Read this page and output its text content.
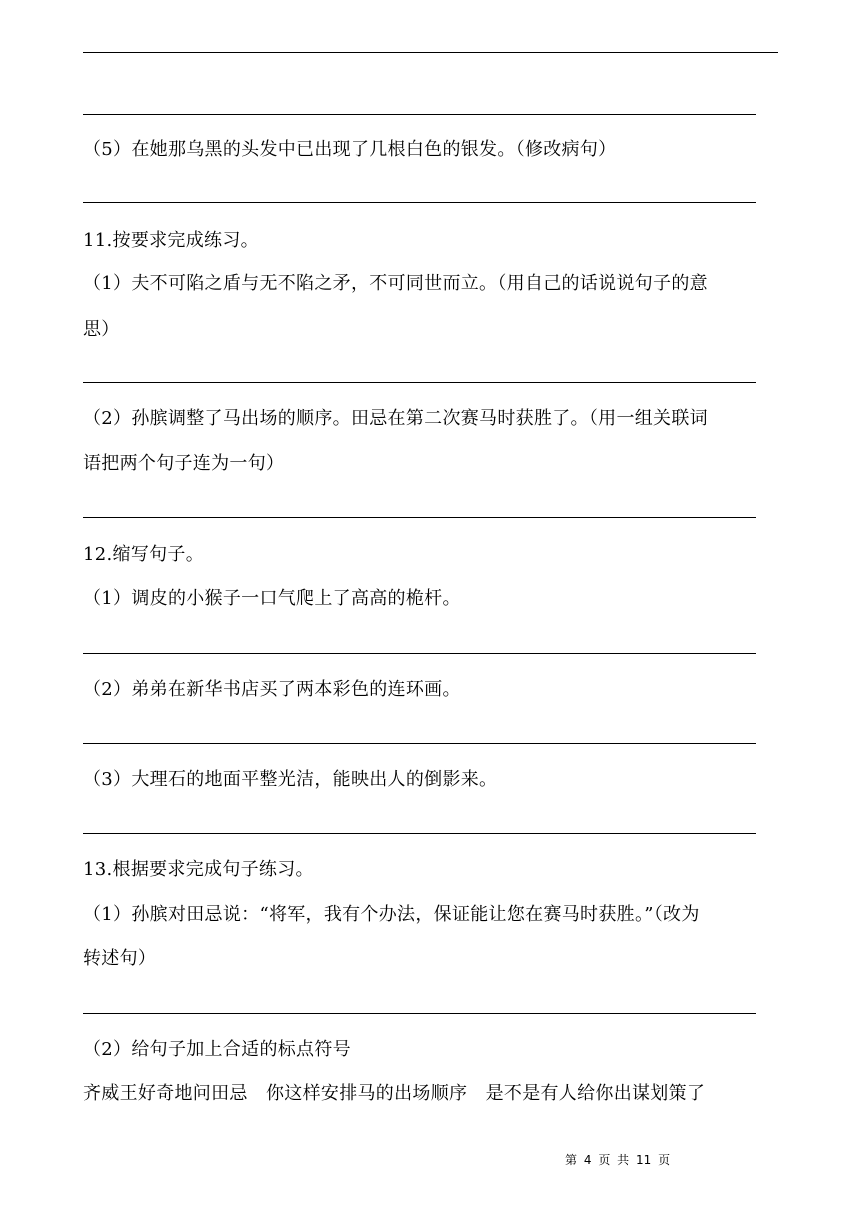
（5）在她那乌黑的头发中已出现了几根白色的银发。（修改病句）
11.按要求完成练习。
（1）夫不可陷之盾与无不陷之矛，不可同世而立。（用自己的话说说句子的意
思）
（2）孙膑调整了马出场的顺序。田忌在第二次赛马时获胜了。（用一组关联词
语把两个句子连为一句）
12.缩写句子。
（1）调皮的小猴子一口气爬上了高高的桅杆。
（2）弟弟在新华书店买了两本彩色的连环画。
（3）大理石的地面平整光洁，能映出人的倒影来。
13.根据要求完成句子练习。
（1）孙膑对田忌说：“将军，我有个办法，保证能让您在赛马时获胜。”（改为
转述句）
（2）给句子加上合适的标点符号
齐威王好奇地问田忌　你这样安排马的出场顺序　是不是有人给你出谋划策了
第 4 页 共 11 页
